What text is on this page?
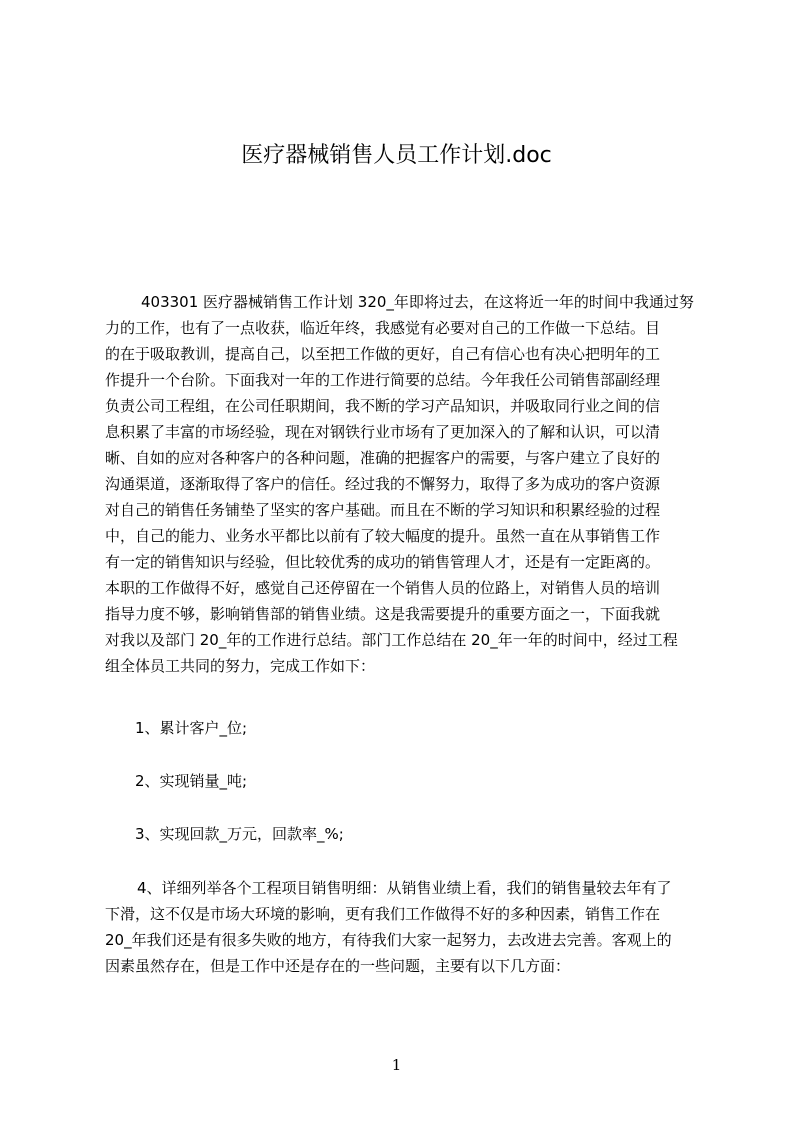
医疗器械销售人员工作计划.doc
403301 医疗器械销售工作计划 320_年即将过去，在这将近一年的时间中我通过努
力的工作，也有了一点收获，临近年终，我感觉有必要对自己的工作做一下总结。目
的在于吸取教训，提高自己，以至把工作做的更好，自己有信心也有决心把明年的工
作提升一个台阶。下面我对一年的工作进行简要的总结。今年我任公司销售部副经理
负责公司工程组，在公司任职期间，我不断的学习产品知识，并吸取同行业之间的信
息积累了丰富的市场经验，现在对钢铁行业市场有了更加深入的了解和认识，可以清
晰、自如的应对各种客户的各种问题，准确的把握客户的需要，与客户建立了良好的
沟通渠道，逐渐取得了客户的信任。经过我的不懈努力，取得了多为成功的客户资源
对自己的销售任务铺垫了坚实的客户基础。而且在不断的学习知识和积累经验的过程
中，自己的能力、业务水平都比以前有了较大幅度的提升。虽然一直在从事销售工作
有一定的销售知识与经验，但比较优秀的成功的销售管理人才，还是有一定距离的。
本职的工作做得不好，感觉自己还停留在一个销售人员的位路上，对销售人员的培训
指导力度不够，影响销售部的销售业绩。这是我需要提升的重要方面之一，下面我就
对我以及部门 20_年的工作进行总结。部门工作总结在 20_年一年的时间中，经过工程
组全体员工共同的努力，完成工作如下：
1、累计客户_位;
2、实现销量_吨;
3、实现回款_万元，回款率_%;
4、详细列举各个工程项目销售明细：从销售业绩上看，我们的销售量较去年有了
下滑，这不仅是市场大环境的影响，更有我们工作做得不好的多种因素，销售工作在
20_年我们还是有很多失败的地方，有待我们大家一起努力，去改进去完善。客观上的
因素虽然存在，但是工作中还是存在的一些问题，主要有以下几方面：
1
